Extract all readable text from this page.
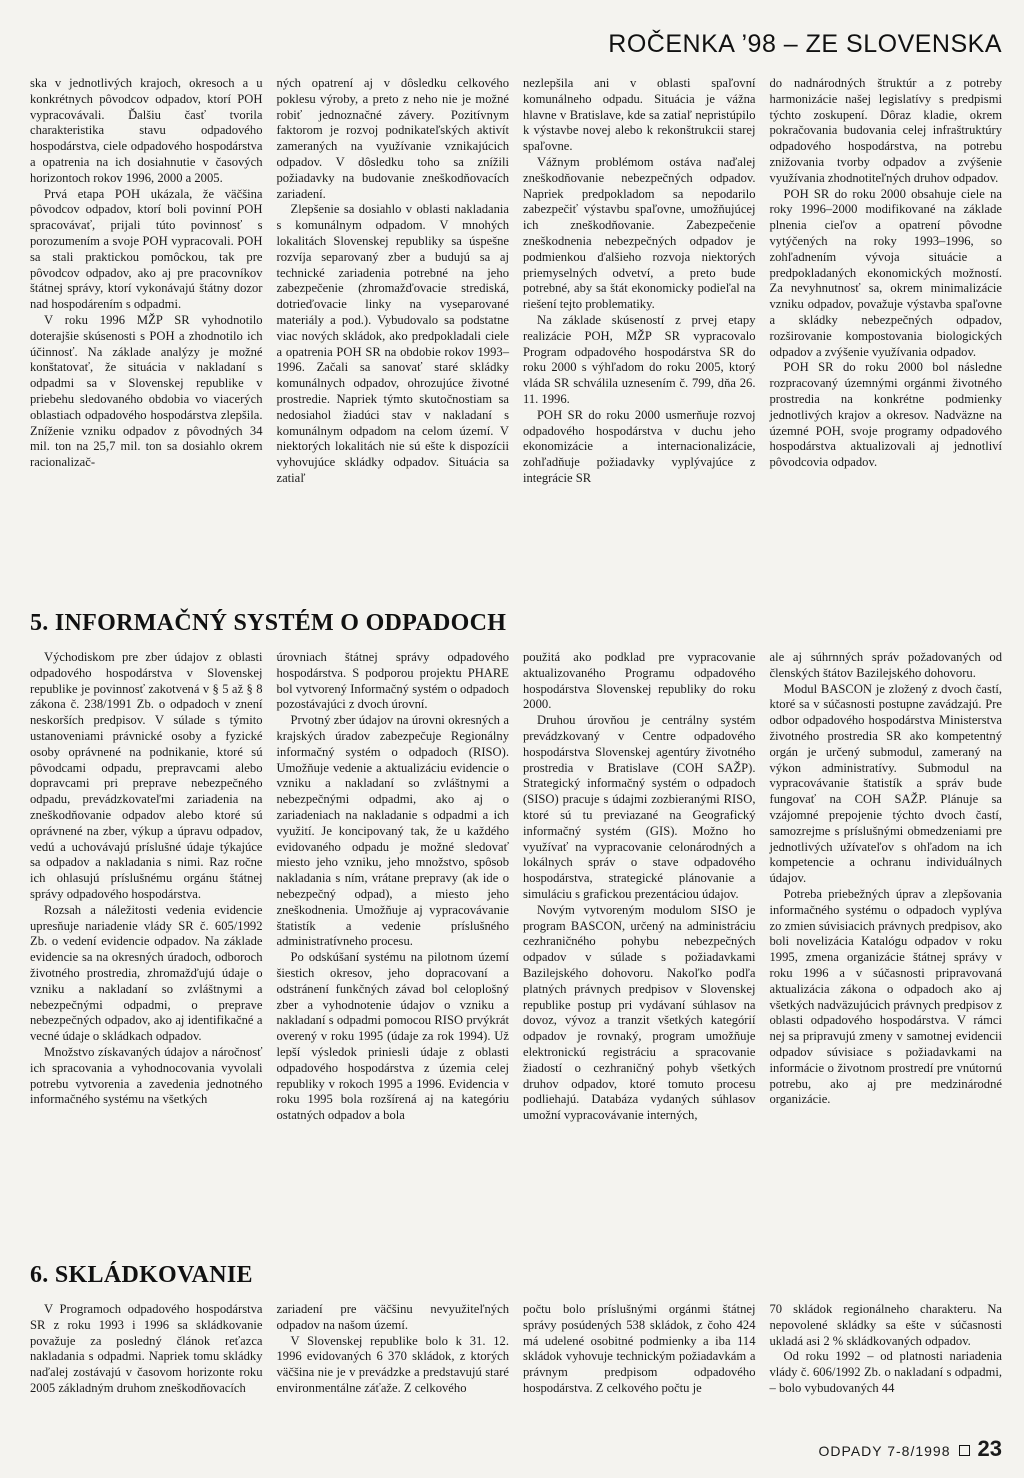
ROČENKA ’98 – ZE SLOVENSKA

ska v jednotlivých krajoch, okresoch a u konkrétnych pôvodcov odpadov, ktorí POH vypracovávali. Ďalšiu časť tvorila charakteristika stavu odpadového hospodárstva, ciele odpadového hospodárstva a opatrenia na ich dosiahnutie v časových horizontoch rokov 1996, 2000 a 2005.

Prvá etapa POH ukázala, že väčšina pôvodcov odpadov, ktorí boli povinní POH spracovávať, prijali túto povinnosť s porozumením a svoje POH vypracovali. POH sa stali praktickou pomôckou, tak pre pôvodcov odpadov, ako aj pre pracovníkov štátnej správy, ktorí vykonávajú štátny dozor nad hospodárením s odpadmi.

V roku 1996 MŽP SR vyhodnotilo doterajšie skúsenosti s POH a zhodnotilo ich účinnosť. Na základe analýzy je možné konštatovať, že situácia v nakladaní s odpadmi sa v Slovenskej republike v priebehu sledovaného obdobia vo viacerých oblastiach odpadového hospodárstva zlepšila. Zníženie vzniku odpadov z pôvodných 34 mil. ton na 25,7 mil. ton sa dosiahlo okrem racionalizač-

ných opatrení aj v dôsledku celkového poklesu výroby, a preto z neho nie je možné robiť jednoznačné závery. Pozitívnym faktorom je rozvoj podnikateľských aktivít zameraných na využívanie vznikajúcich odpadov. V dôsledku toho sa znížili požiadavky na budovanie zneškodňovacích zariadení.

Zlepšenie sa dosiahlo v oblasti nakladania s komunálnym odpadom. V mnohých lokalitách Slovenskej republiky sa úspešne rozvíja separovaný zber a budujú sa aj technické zariadenia potrebné na jeho zabezpečenie (zhromažďovacie strediská, dotrieďovacie linky na vyseparované materiály a pod.). Vybudovalo sa podstatne viac nových skládok, ako predpokladali ciele a opatrenia POH SR na obdobie rokov 1993–1996. Začali sa sanovať staré skládky komunálnych odpadov, ohrozujúce životné prostredie. Napriek týmto skutočnostiam sa nedosiahol žiadúci stav v nakladaní s komunálnym odpadom na celom území. V niektorých lokalitách nie sú ešte k dispozícii vyhovujúce skládky odpadov. Situácia sa zatiaľ

nezlepšila ani v oblasti spaľovní komunálneho odpadu. Situácia je vážna hlavne v Bratislave, kde sa zatiaľ nepristúpilo k výstavbe novej alebo k rekonštrukcii starej spaľovne.

Vážnym problémom ostáva naďalej zneškodňovanie nebezpečných odpadov. Napriek predpokladom sa nepodarilo zabezpečiť výstavbu spaľovne, umožňujúcej ich zneškodňovanie. Zabezpečenie zneškodnenia nebezpečných odpadov je podmienkou ďalšieho rozvoja niektorých priemyselných odvetví, a preto bude potrebné, aby sa štát ekonomicky podieľal na riešení tejto problematiky.

Na základe skúseností z prvej etapy realizácie POH, MŽP SR vypracovalo Program odpadového hospodárstva SR do roku 2000 s výhľadom do roku 2005, ktorý vláda SR schválila uznesením č. 799, dňa 26. 11. 1996.

POH SR do roku 2000 usmerňuje rozvoj odpadového hospodárstva v duchu jeho ekonomizácie a internacionalizácie, zohľadňuje požiadavky vyplývajúce z integrácie SR

do nadnárodných štruktúr a z potreby harmonizácie našej legislatívy s predpismi týchto zoskupení. Dôraz kladie, okrem pokračovania budovania celej infraštruktúry odpadového hospodárstva, na potrebu znižovania tvorby odpadov a zvýšenie využívania zhodnotiteľných druhov odpadov.

POH SR do roku 2000 obsahuje ciele na roky 1996–2000 modifikované na základe plnenia cieľov a opatrení pôvodne vytýčených na roky 1993–1996, so zohľadnením vývoja situácie a predpokladaných ekonomických možností. Za nevyhnutnosť sa, okrem minimalizácie vzniku odpadov, považuje výstavba spaľovne a skládky nebezpečných odpadov, rozširovanie kompostovania biologických odpadov a zvýšenie využívania odpadov.

POH SR do roku 2000 bol následne rozpracovaný územnými orgánmi životného prostredia na konkrétne podmienky jednotlivých krajov a okresov. Nadväzne na územné POH, svoje programy odpadového hospodárstva aktualizovali aj jednotliví pôvodcovia odpadov.

5. INFORMAČNÝ SYSTÉM O ODPADOCH

Východiskom pre zber údajov z oblasti odpadového hospodárstva v Slovenskej republike je povinnosť zakotvená v § 5 až § 8 zákona č. 238/1991 Zb. o odpadoch v znení neskorších predpisov. V súlade s týmito ustanoveniami právnické osoby a fyzické osoby oprávnené na podnikanie, ktoré sú pôvodcami odpadu, prepravcami alebo dopravcami pri preprave nebezpečného odpadu, prevádzkovateľmi zariadenia na zneškodňovanie odpadov alebo ktoré sú oprávnené na zber, výkup a úpravu odpadov, vedú a uchovávajú príslušné údaje týkajúce sa odpadov a nakladania s nimi. Raz ročne ich ohlasujú príslušnému orgánu štátnej správy odpadového hospodárstva.

Rozsah a náležitosti vedenia evidencie upresňuje nariadenie vlády SR č. 605/1992 Zb. o vedení evidencie odpadov. Na základe evidencie sa na okresných úradoch, odboroch životného prostredia, zhromažďujú údaje o vzniku a nakladaní so zvláštnymi a nebezpečnými odpadmi, o preprave nebezpečných odpadov, ako aj identifikačné a vecné údaje o skládkach odpadov.

Množstvo získavaných údajov a náročnosť ich spracovania a vyhodnocovania vyvolali potrebu vytvorenia a zavedenia jednotného informačného systému na všetkých

úrovniach štátnej správy odpadového hospodárstva. S podporou projektu PHARE bol vytvorený Informačný systém o odpadoch pozostávajúci z dvoch úrovní.

Prvotný zber údajov na úrovni okresných a krajských úradov zabezpečuje Regionálny informačný systém o odpadoch (RISO). Umožňuje vedenie a aktualizáciu evidencie o vzniku a nakladaní so zvláštnymi a nebezpečnými odpadmi, ako aj o zariadeniach na nakladanie s odpadmi a ich využití. Je koncipovaný tak, že u každého evidovaného odpadu je možné sledovať miesto jeho vzniku, jeho množstvo, spôsob nakladania s ním, vrátane prepravy (ak ide o nebezpečný odpad), a miesto jeho zneškodnenia. Umožňuje aj vypracovávanie štatistík a vedenie príslušného administratívneho procesu.

Po odskúšaní systému na pilotnom území šiestich okresov, jeho dopracovaní a odstránení funkčných závad bol celoplošný zber a vyhodnotenie údajov o vzniku a nakladaní s odpadmi pomocou RISO prvýkrát overený v roku 1995 (údaje za rok 1994). Už lepší výsledok priniesli údaje z oblasti odpadového hospodárstva z územia celej republiky v rokoch 1995 a 1996. Evidencia v roku 1995 bola rozšírená aj na kategóriu ostatných odpadov a bola

použitá ako podklad pre vypracovanie aktualizovaného Programu odpadového hospodárstva Slovenskej republiky do roku 2000.

Druhou úrovňou je centrálny systém prevádzkovaný v Centre odpadového hospodárstva Slovenskej agentúry životného prostredia v Bratislave (COH SAŽP). Strategický informačný systém o odpadoch (SISO) pracuje s údajmi zozbieranými RISO, ktoré sú tu previazané na Geografický informačný systém (GIS). Možno ho využívať na vypracovanie celonárodných a lokálnych správ o stave odpadového hospodárstva, strategické plánovanie a simuláciu s grafickou prezentáciou údajov.

Novým vytvoreným modulom SISO je program BASCON, určený na administráciu cezhraničného pohybu nebezpečných odpadov v súlade s požiadavkami Bazilejského dohovoru. Nakoľko podľa platných právnych predpisov v Slovenskej republike postup pri vydávaní súhlasov na dovoz, vývoz a tranzit všetkých kategórií odpadov je rovnaký, program umožňuje elektronickú registráciu a spracovanie žiadostí o cezhraničný pohyb všetkých druhov odpadov, ktoré tomuto procesu podliehajú. Databáza vydaných súhlasov umožní vypracovávanie interných,

ale aj súhrnných správ požadovaných od členských štátov Bazilejského dohovoru.

Modul BASCON je zložený z dvoch častí, ktoré sa v súčasnosti postupne zavádzajú. Pre odbor odpadového hospodárstva Ministerstva životného prostredia SR ako kompetentný orgán je určený submodul, zameraný na výkon administratívy. Submodul na vypracovávanie štatistík a správ bude fungovať na COH SAŽP. Plánuje sa vzájomné prepojenie týchto dvoch častí, samozrejme s príslušnými obmedzeniami pre jednotlivých užívateľov s ohľadom na ich kompetencie a ochranu individuálnych údajov.

Potreba priebežných úprav a zlepšovania informačného systému o odpadoch vyplýva zo zmien súvisiacich právnych predpisov, ako boli novelizácia Katalógu odpadov v roku 1995, zmena organizácie štátnej správy v roku 1996 a v súčasnosti pripravovaná aktualizácia zákona o odpadoch ako aj všetkých nadväzujúcich právnych predpisov z oblasti odpadového hospodárstva. V rámci nej sa pripravujú zmeny v samotnej evidencii odpadov súvisiace s požiadavkami na informácie o životnom prostredí pre vnútornú potrebu, ako aj pre medzinárodné organizácie.

6. SKLÁDKOVANIE

V Programoch odpadového hospodárstva SR z roku 1993 i 1996 sa skládkovanie považuje za posledný článok reťazca nakladania s odpadmi. Napriek tomu skládky naďalej zostávajú v časovom horizonte roku 2005 základným druhom zneškodňovacích

zariadení pre väčšinu nevyužiteľných odpadov na našom území.

V Slovenskej republike bolo k 31. 12. 1996 evidovaných 6 370 skládok, z ktorých väčšina nie je v prevádzke a predstavujú staré environmentálne záťaže. Z celkového

počtu bolo príslušnými orgánmi štátnej správy posúdených 538 skládok, z čoho 424 má udelené osobitné podmienky a iba 114 skládok vyhovuje technickým požiadavkám a právnym predpisom odpadového hospodárstva. Z celkového počtu je

70 skládok regionálneho charakteru. Na nepovolené skládky sa ešte v súčasnosti ukladá asi 2 % skládkovaných odpadov.

Od roku 1992 – od platnosti nariadenia vlády č. 606/1992 Zb. o nakladaní s odpadmi, – bolo vybudovaných 44

ODPADY 7-8/1998 23
